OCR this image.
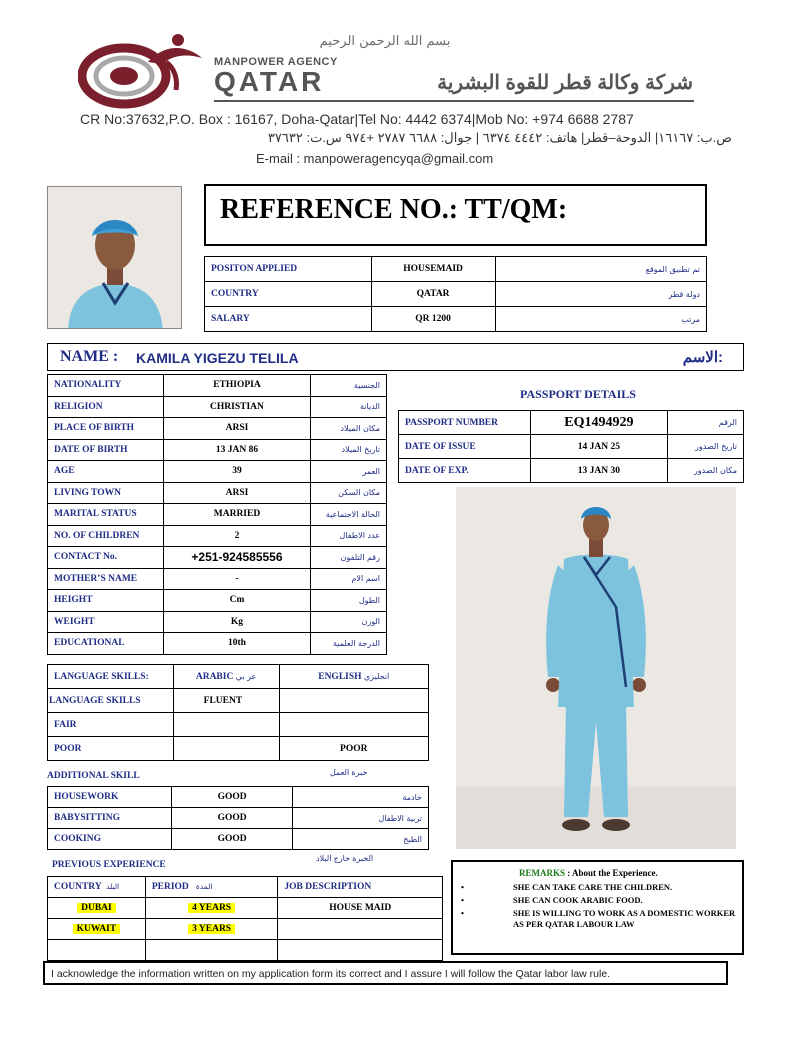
بسم الله الرحمن الرحيم
MANPOWER AGENCY
QATAR	شركة وكالة قطر للقوة البشرية
CR No:37632,P.O. Box : 16167, Doha-Qatar|Tel No: 4442 6374|Mob No: +974 6688 2787
ص.ب: ١٦١٦٧| الدوحة–قطر| هاتف: ٤٤٤٢ ٦٣٧٤ | جوال: ٦٦٨٨ ٢٧٨٧ +٩٧٤ س.ت: ٣٧٦٣٢
E-mail : manpoweragencyqa@gmail.com
REFERENCE NO.: TT/QM:
POSITON APPLIED	HOUSEMAID	تم تطبيق الموقع
COUNTRY	QATAR	دولة قطر
SALARY	QR 1200	مرتب
NAME : KAMILA YIGEZU TELILA	الاسم:
NATIONALITY	ETHIOPIA	الجنسية
RELIGION	CHRISTIAN	الديانة
PLACE OF BIRTH	ARSI	مكان الميلاد
DATE OF BIRTH	13 JAN 86	تاريخ الميلاد
AGE	39	العمر
LIVING TOWN	ARSI	مكان السكن
MARITAL STATUS	MARRIED	الحالة الاجتماعية
NO. OF CHILDREN	2	عدد الاطفال
CONTACT No.	+251-924585556	رقم التلفون
MOTHER’S NAME	-	اسم الام
HEIGHT	Cm	الطول
WEIGHT	Kg	الوزن
EDUCATIONAL	10th	الدرجة العلمية
PASSPORT DETAILS
PASSPORT NUMBER	EQ1494929	الرقم
DATE OF ISSUE	14 JAN 25	تاريخ الصدور
DATE OF EXP.	13 JAN 30	مكان الصدور
LANGUAGE SKILLS:	ARABIC عر بي	ENGLISH انجليزي
LANGUAGE SKILLS	FLUENT	
FAIR		
POOR		POOR
ADDITIONAL SKILL	خبرة العمل
HOUSEWORK	GOOD	خادمة
BABYSITTING	GOOD	تربية الاطفال
COOKING	GOOD	الطبخ
PREVIOUS EXPERIENCE
الخبرة خارج البلاد
COUNTRY البلد	PERIOD المدة	JOB DESCRIPTION
DUBAI	4 YEARS	HOUSE MAID
KUWAIT	3 YEARS	

REMARKS : About the Experience.
• SHE CAN TAKE CARE THE CHILDREN.
• SHE CAN COOK ARABIC FOOD.
• SHE IS WILLING TO WORK AS A DOMESTIC WORKER AS PER QATAR LABOUR LAW
I acknowledge the information written on my application form its correct and I assure I will follow the Qatar labor law rule.
